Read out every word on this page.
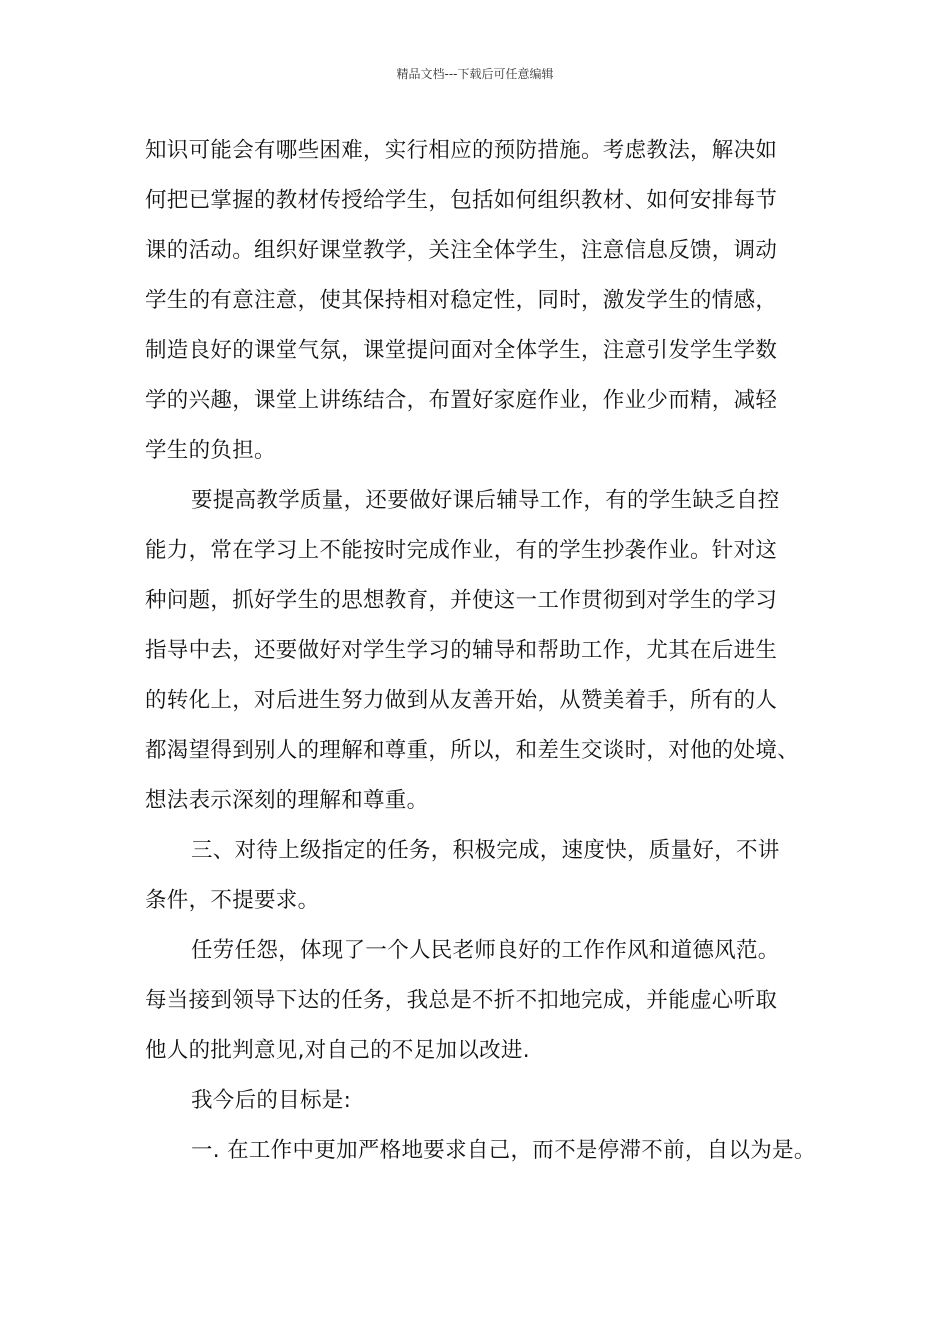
精品文档---下载后可任意编辑
知识可能会有哪些困难，实行相应的预防措施。考虑教法，解决如
何把已掌握的教材传授给学生，包括如何组织教材、如何安排每节
课的活动。组织好课堂教学，关注全体学生，注意信息反馈，调动
学生的有意注意，使其保持相对稳定性，同时，激发学生的情感，
制造良好的课堂气氛，课堂提问面对全体学生，注意引发学生学数
学的兴趣，课堂上讲练结合，布置好家庭作业，作业少而精，减轻
学生的负担。
要提高教学质量，还要做好课后辅导工作，有的学生缺乏自控
能力，常在学习上不能按时完成作业，有的学生抄袭作业。针对这
种问题，抓好学生的思想教育，并使这一工作贯彻到对学生的学习
指导中去，还要做好对学生学习的辅导和帮助工作，尤其在后进生
的转化上，对后进生努力做到从友善开始，从赞美着手，所有的人
都渴望得到别人的理解和尊重，所以，和差生交谈时，对他的处境、
想法表示深刻的理解和尊重。
三、对待上级指定的任务，积极完成，速度快，质量好，不讲
条件，不提要求。
任劳任怨，体现了一个人民老师良好的工作作风和道德风范。
每当接到领导下达的任务，我总是不折不扣地完成，并能虚心听取
他人的批判意见,对自己的不足加以改进.
我今后的目标是:
一. 在工作中更加严格地要求自己，而不是停滞不前，自以为是。
